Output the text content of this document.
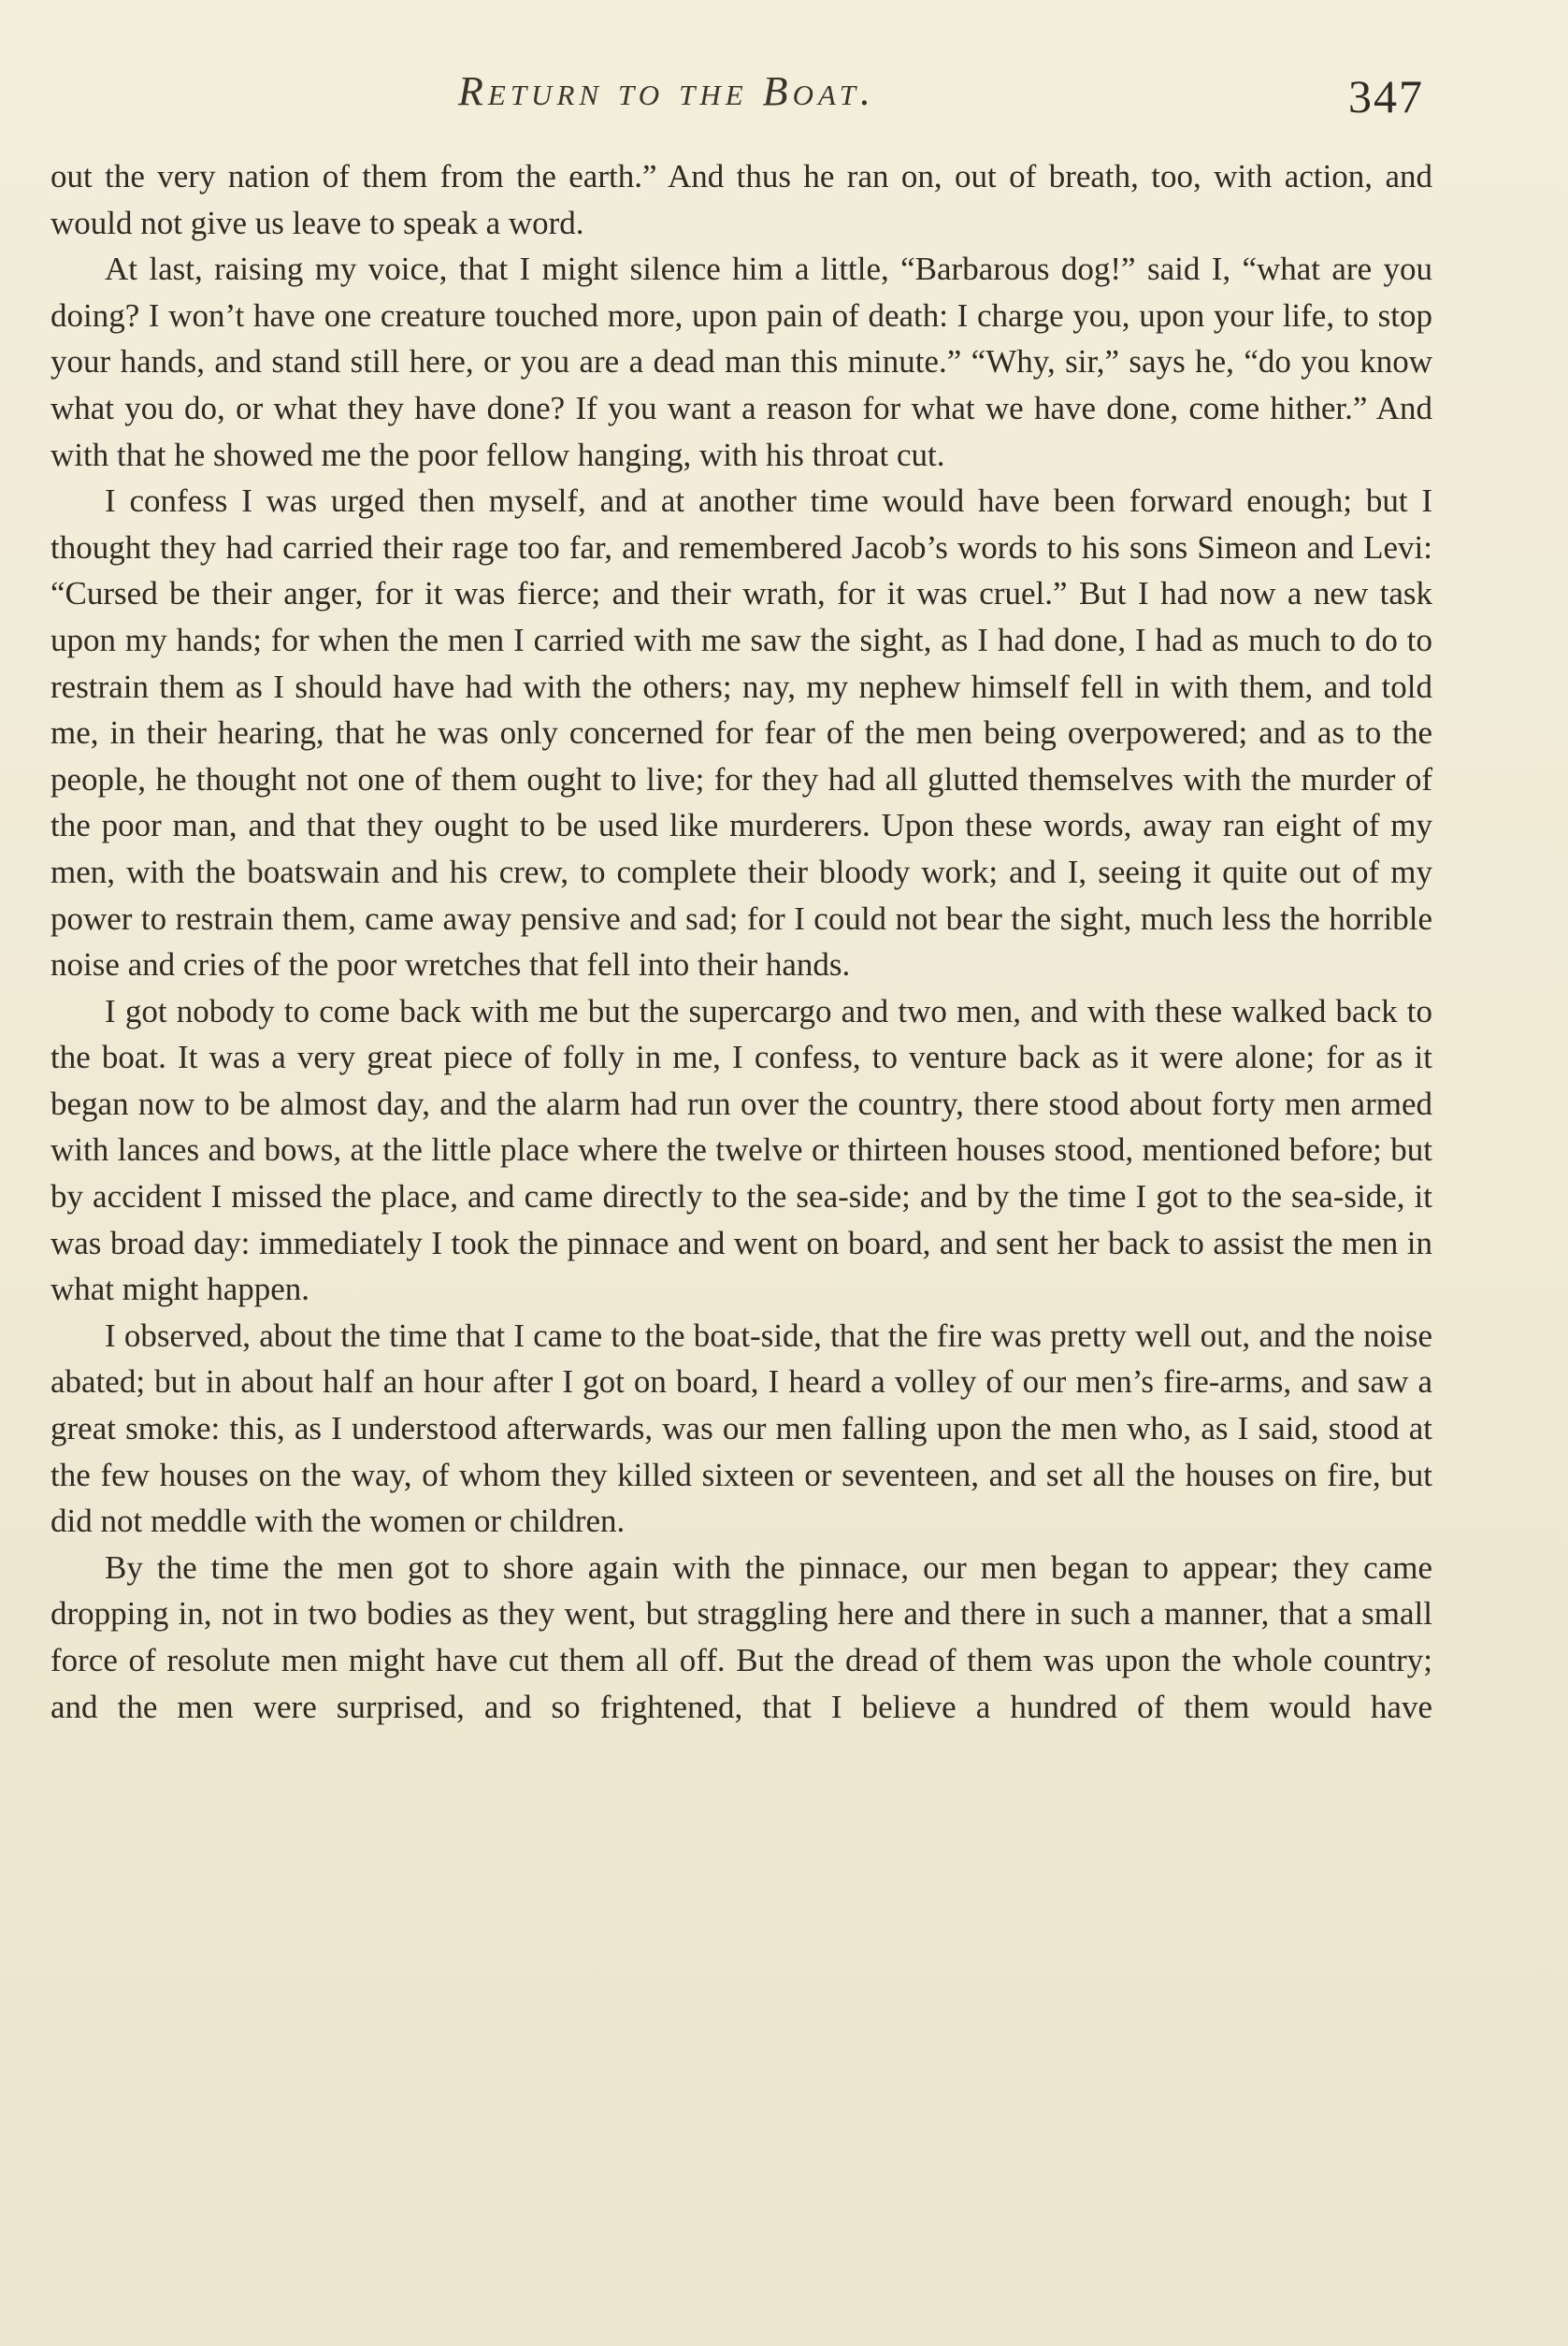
Return to the Boat.	347

out the very nation of them from the earth.” And thus he ran on, out of breath, too, with action, and would not give us leave to speak a word.

At last, raising my voice, that I might silence him a little, “Barbarous dog!” said I, “what are you doing? I won’t have one creature touched more, upon pain of death: I charge you, upon your life, to stop your hands, and stand still here, or you are a dead man this minute.” “Why, sir,” says he, “do you know what you do, or what they have done? If you want a reason for what we have done, come hither.” And with that he showed me the poor fellow hanging, with his throat cut.

I confess I was urged then myself, and at another time would have been forward enough; but I thought they had carried their rage too far, and remembered Jacob’s words to his sons Simeon and Levi: “Cursed be their anger, for it was fierce; and their wrath, for it was cruel.” But I had now a new task upon my hands; for when the men I carried with me saw the sight, as I had done, I had as much to do to restrain them as I should have had with the others; nay, my nephew himself fell in with them, and told me, in their hearing, that he was only concerned for fear of the men being overpowered; and as to the people, he thought not one of them ought to live; for they had all glutted themselves with the murder of the poor man, and that they ought to be used like murderers. Upon these words, away ran eight of my men, with the boatswain and his crew, to complete their bloody work; and I, seeing it quite out of my power to restrain them, came away pensive and sad; for I could not bear the sight, much less the horrible noise and cries of the poor wretches that fell into their hands.

I got nobody to come back with me but the supercargo and two men, and with these walked back to the boat. It was a very great piece of folly in me, I confess, to venture back as it were alone; for as it began now to be almost day, and the alarm had run over the country, there stood about forty men armed with lances and bows, at the little place where the twelve or thirteen houses stood, mentioned before; but by accident I missed the place, and came directly to the sea-side; and by the time I got to the sea-side, it was broad day: immediately I took the pinnace and went on board, and sent her back to assist the men in what might happen.

I observed, about the time that I came to the boat-side, that the fire was pretty well out, and the noise abated; but in about half an hour after I got on board, I heard a volley of our men’s fire-arms, and saw a great smoke: this, as I understood afterwards, was our men falling upon the men who, as I said, stood at the few houses on the way, of whom they killed sixteen or seventeen, and set all the houses on fire, but did not meddle with the women or children.

By the time the men got to shore again with the pinnace, our men began to appear; they came dropping in, not in two bodies as they went, but straggling here and there in such a manner, that a small force of resolute men might have cut them all off. But the dread of them was upon the whole country; and the men were surprised, and so frightened, that I believe a hundred of them would have
